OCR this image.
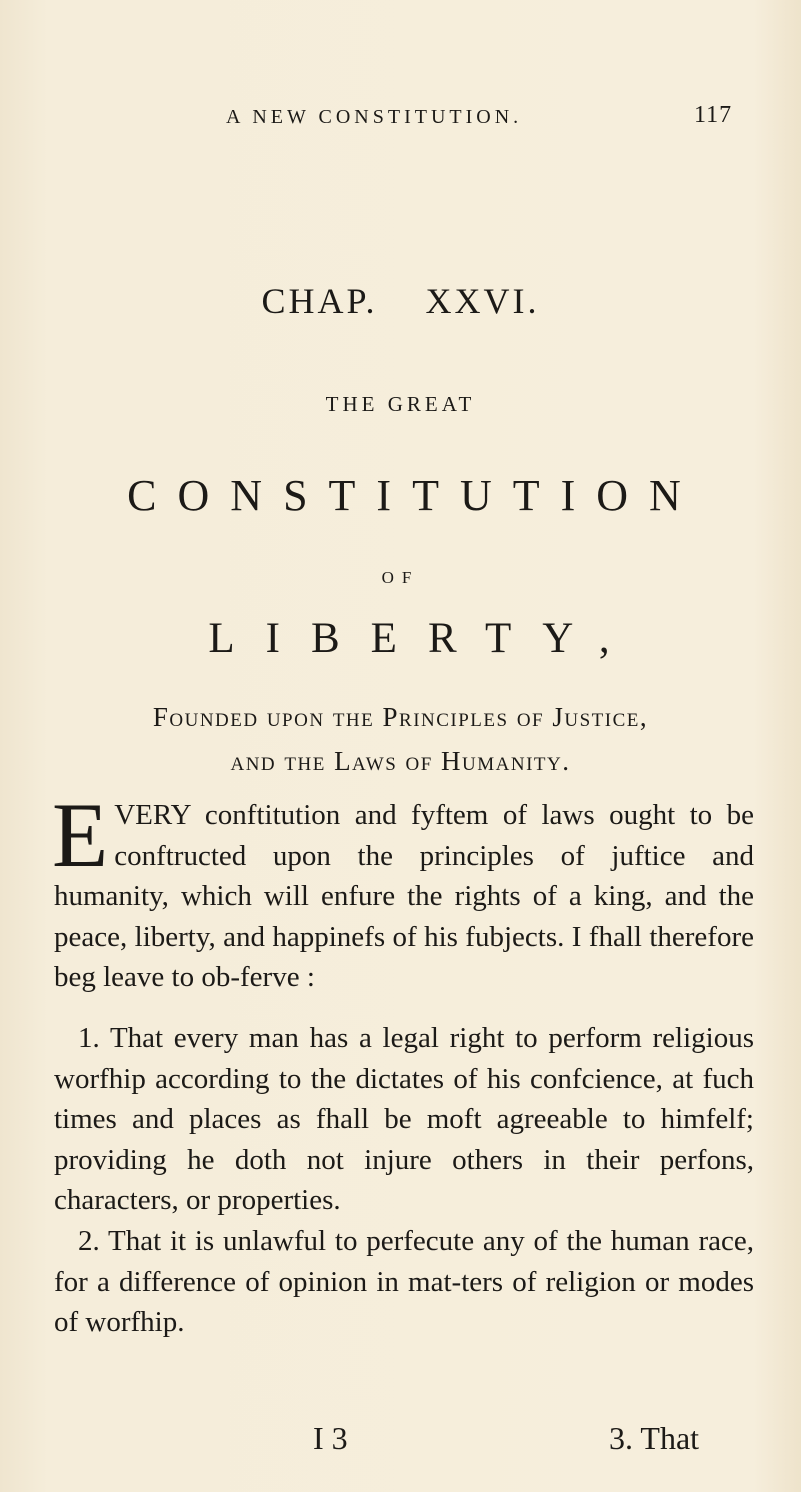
A NEW CONSTITUTION.	117
CHAP. XXVI.
THE GREAT
CONSTITUTION
OF
LIBERTY,
Founded upon the Principles of Justice,
and the Laws of Humanity.
EVERY conftitution and fyftem of laws ought to be conftructed upon the principles of juftice and humanity, which will enfure the rights of a king, and the peace, liberty, and happinefs of his fubjects. I fhall therefore beg leave to ob-ferve :
1. That every man has a legal right to perform religious worfhip according to the dictates of his confcience, at fuch times and places as fhall be moft agreeable to himfelf; providing he doth not injure others in their perfons, characters, or properties.
2. That it is unlawful to perfecute any of the human race, for a difference of opinion in mat-ters of religion or modes of worfhip.
I 3	3. That
